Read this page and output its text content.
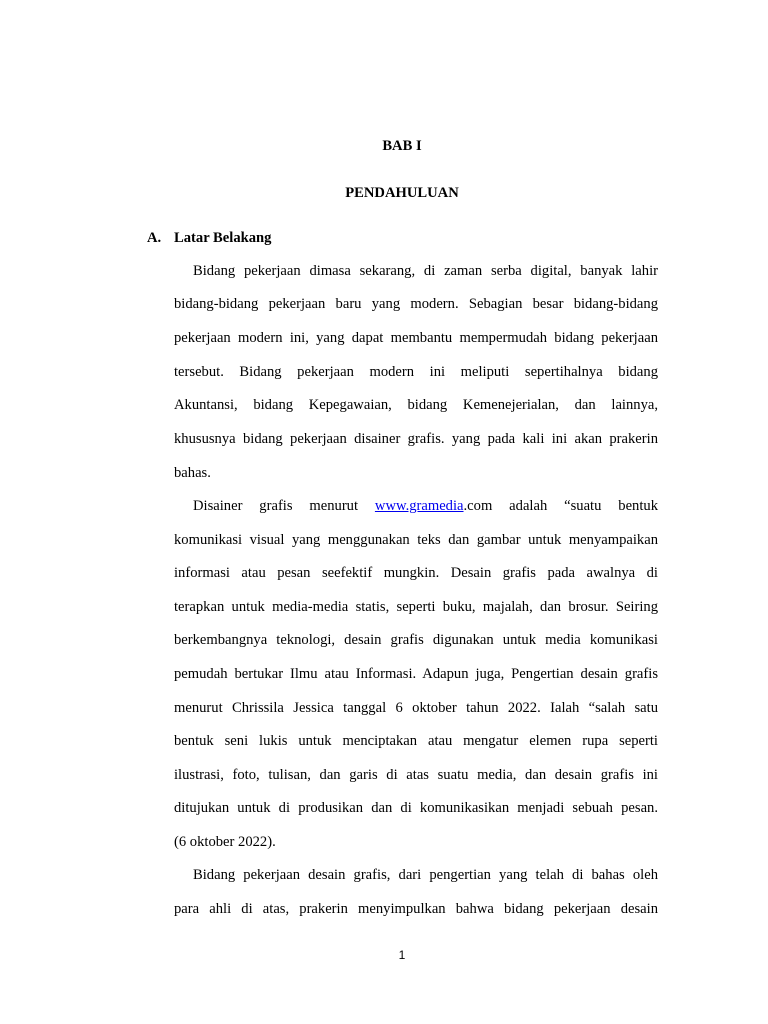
BAB I
PENDAHULUAN
A. Latar Belakang
Bidang pekerjaan dimasa sekarang, di zaman serba digital, banyak lahir
bidang-bidang pekerjaan baru yang modern. Sebagian besar bidang-bidang
pekerjaan modern ini, yang dapat membantu mempermudah bidang pekerjaan
tersebut. Bidang pekerjaan modern ini meliputi sepertihalnya bidang
Akuntansi, bidang Kepegawaian, bidang Kemenejerialan, dan lainnya,
khususnya bidang pekerjaan disainer grafis. yang pada kali ini akan prakerin
bahas.
Disainer grafis menurut www.gramedia.com adalah “suatu bentuk
komunikasi visual yang menggunakan teks dan gambar untuk menyampaikan
informasi atau pesan seefektif mungkin. Desain grafis pada awalnya di
terapkan untuk media-media statis, seperti buku, majalah, dan brosur. Seiring
berkembangnya teknologi, desain grafis digunakan untuk media komunikasi
pemudah bertukar Ilmu atau Informasi. Adapun juga, Pengertian desain grafis
menurut Chrissila Jessica tanggal 6 oktober tahun 2022. Ialah “salah satu
bentuk seni lukis untuk menciptakan atau mengatur elemen rupa seperti
ilustrasi, foto, tulisan, dan garis di atas suatu media, dan desain grafis ini
ditujukan untuk di produsikan dan di komunikasikan menjadi sebuah pesan.
(6 oktober 2022).
Bidang pekerjaan desain grafis, dari pengertian yang telah di bahas oleh
para ahli di atas, prakerin menyimpulkan bahwa bidang pekerjaan desain
1
